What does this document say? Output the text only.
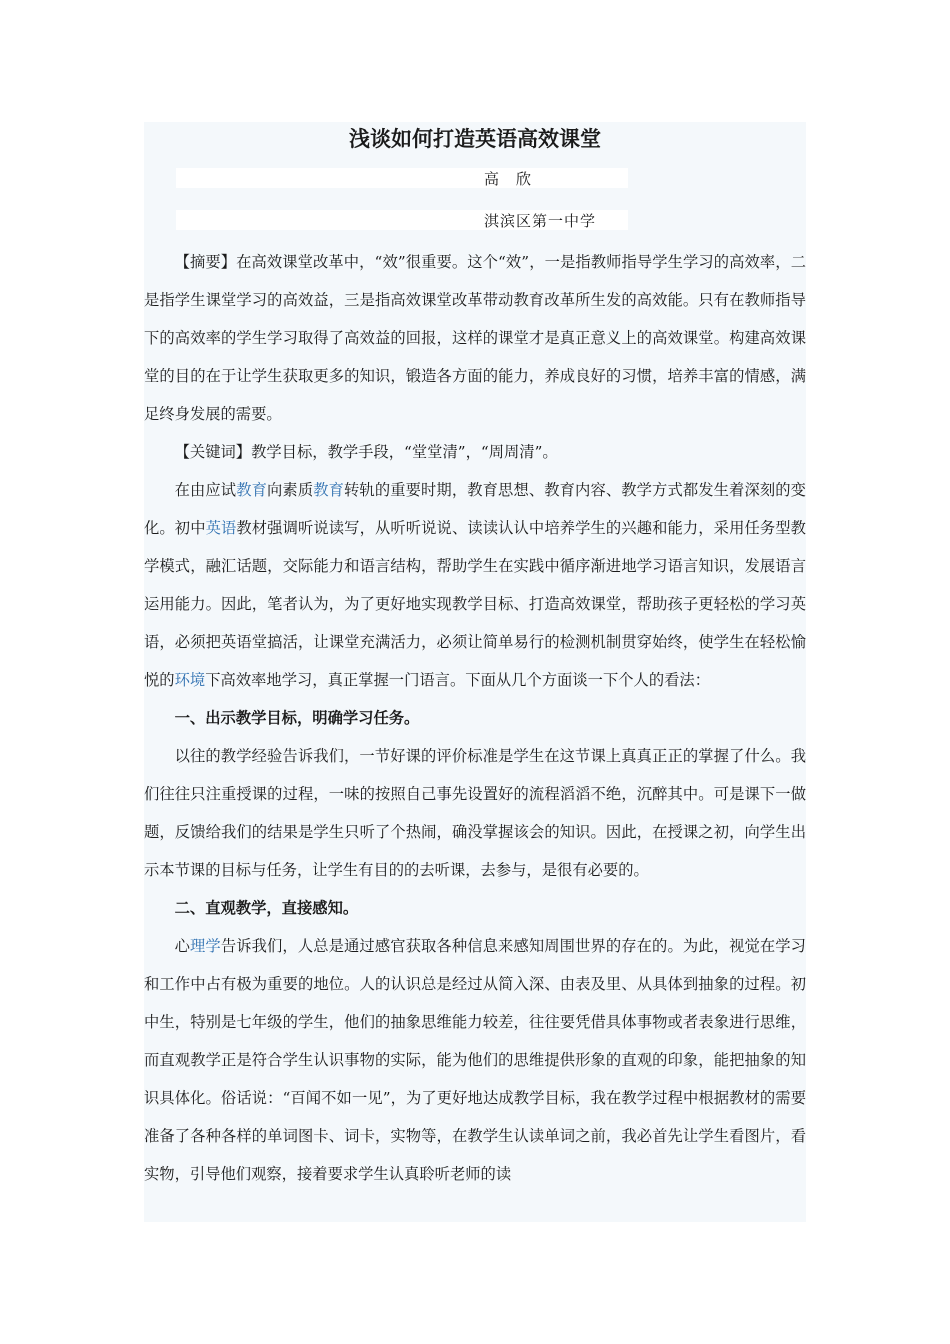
浅谈如何打造英语高效课堂
高　欣
淇滨区第一中学

【摘要】在高效课堂改革中，“效”很重要。这个“效”，一是指教师指导学生学习的高效率，二是指学生课堂学习的高效益，三是指高效课堂改革带动教育改革所生发的高效能。只有在教师指导下的高效率的学生学习取得了高效益的回报，这样的课堂才是真正意义上的高效课堂。构建高效课堂的目的在于让学生获取更多的知识，锻造各方面的能力，养成良好的习惯，培养丰富的情感，满足终身发展的需要。

【关键词】教学目标，教学手段，“堂堂清”，“周周清”。

在由应试教育向素质教育转轨的重要时期，教育思想、教育内容、教学方式都发生着深刻的变化。初中英语教材强调听说读写，从听听说说、读读认认中培养学生的兴趣和能力，采用任务型教学模式，融汇话题，交际能力和语言结构，帮助学生在实践中循序渐进地学习语言知识，发展语言运用能力。因此，笔者认为，为了更好地实现教学目标、打造高效课堂，帮助孩子更轻松的学习英语，必须把英语堂搞活，让课堂充满活力，必须让简单易行的检测机制贯穿始终，使学生在轻松愉悦的环境下高效率地学习，真正掌握一门语言。下面从几个方面谈一下个人的看法：

一、出示教学目标，明确学习任务。

以往的教学经验告诉我们，一节好课的评价标准是学生在这节课上真真正正的掌握了什么。我们往往只注重授课的过程，一味的按照自己事先设置好的流程滔滔不绝，沉醉其中。可是课下一做题，反馈给我们的结果是学生只听了个热闹，确没掌握该会的知识。因此，在授课之初，向学生出示本节课的目标与任务，让学生有目的的去听课，去参与，是很有必要的。

二、直观教学，直接感知。

心理学告诉我们，人总是通过感官获取各种信息来感知周围世界的存在的。为此，视觉在学习和工作中占有极为重要的地位。人的认识总是经过从简入深、由表及里、从具体到抽象的过程。初中生，特别是七年级的学生，他们的抽象思维能力较差，往往要凭借具体事物或者表象进行思维，而直观教学正是符合学生认识事物的实际，能为他们的思维提供形象的直观的印象，能把抽象的知识具体化。俗话说：“百闻不如一见”，为了更好地达成教学目标，我在教学过程中根据教材的需要准备了各种各样的单词图卡、词卡，实物等，在教学生认读单词之前，我必首先让学生看图片，看实物，引导他们观察，接着要求学生认真聆听老师的读
